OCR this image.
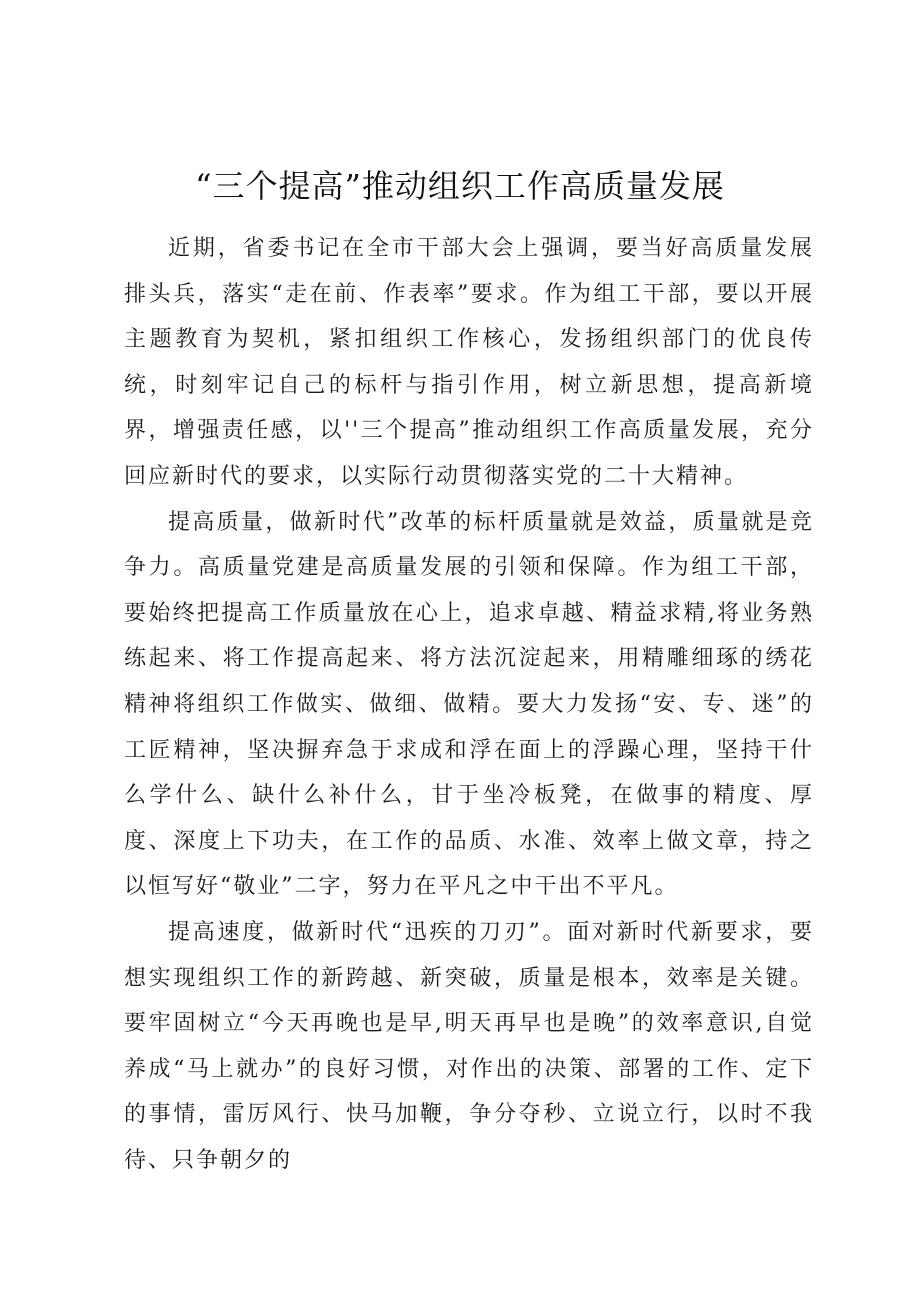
“三个提高”推动组织工作高质量发展

近期，省委书记在全市干部大会上强调，要当好高质量发展排头兵，落实“走在前、作表率”要求。作为组工干部，要以开展主题教育为契机，紧扣组织工作核心，发扬组织部门的优良传统，时刻牢记自己的标杆与指引作用，树立新思想，提高新境界，增强责任感，以''三个提高”推动组织工作高质量发展，充分回应新时代的要求，以实际行动贯彻落实党的二十大精神。

提高质量，做新时代”改革的标杆质量就是效益，质量就是竞争力。高质量党建是高质量发展的引领和保障。作为组工干部，要始终把提高工作质量放在心上，追求卓越、精益求精,将业务熟练起来、将工作提高起来、将方法沉淀起来，用精雕细琢的绣花精神将组织工作做实、做细、做精。要大力发扬“安、专、迷”的工匠精神，坚决摒弃急于求成和浮在面上的浮躁心理，坚持干什么学什么、缺什么补什么，甘于坐冷板凳，在做事的精度、厚度、深度上下功夫，在工作的品质、水准、效率上做文章，持之以恒写好“敬业”二字，努力在平凡之中干出不平凡。

提高速度，做新时代“迅疾的刀刃”。面对新时代新要求，要想实现组织工作的新跨越、新突破，质量是根本，效率是关键。要牢固树立“今天再晚也是早,明天再早也是晚”的效率意识,自觉养成“马上就办”的良好习惯，对作出的决策、部署的工作、定下的事情，雷厉风行、快马加鞭，争分夺秒、立说立行，以时不我待、只争朝夕的
